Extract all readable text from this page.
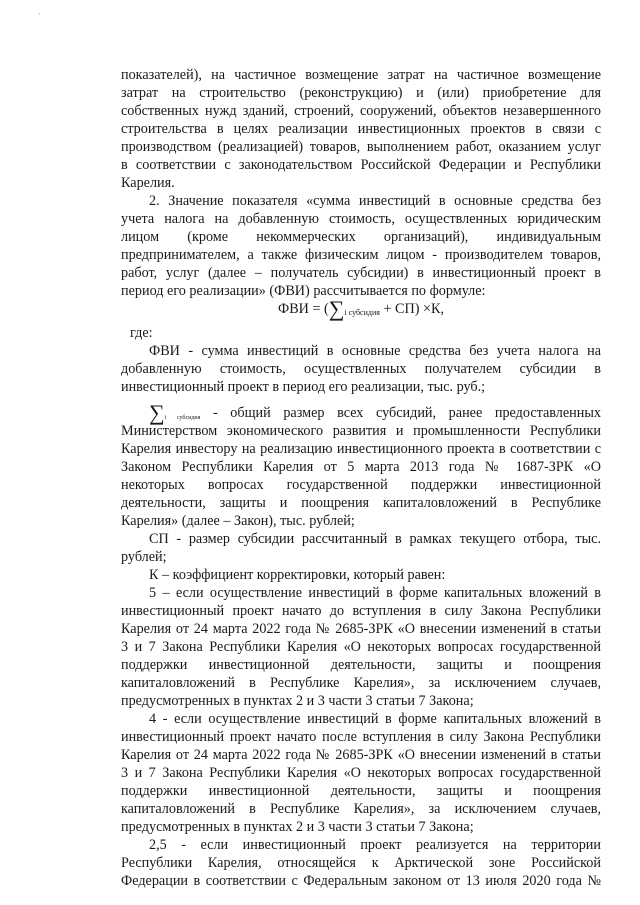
·
показателей), на частичное возмещение затрат на частичное возмещение
затрат на строительство (реконструкцию) и (или) приобретение для
собственных нужд зданий, строений, сооружений, объектов незавершенного
строительства в целях реализации инвестиционных проектов в связи с
производством (реализацией) товаров, выполнением работ, оказанием услуг
в соответствии с законодательством Российской Федерации и Республики
Карелия.
2. Значение показателя «сумма инвестиций в основные средства без
учета налога на добавленную стоимость, осуществленных юридическим
лицом (кроме некоммерческих организаций), индивидуальным
предпринимателем, а также физическим лицом - производителем товаров,
работ, услуг (далее – получатель субсидии) в инвестиционный проект в
период его реализации» (ФВИ) рассчитывается по формуле:
ФВИ = $(\sum_{i субсидия} + СП) \times К$,
где:
ФВИ - сумма инвестиций в основные средства без учета налога на
добавленную стоимость, осуществленных получателем субсидии в
инвестиционный проект в период его реализации, тыс. руб.;
∑i субсидия - общий размер всех субсидий, ранее предоставленных
Министерством экономического развития и промышленности Республики
Карелия инвестору на реализацию инвестиционного проекта в соответствии с
Законом Республики Карелия от 5 марта 2013 года № 1687-ЗРК «О
некоторых вопросах государственной поддержки инвестиционной
деятельности, защиты и поощрения капиталовложений в Республике
Карелия» (далее – Закон), тыс. рублей;
СП - размер субсидии рассчитанный в рамках текущего отбора, тыс.
рублей;
К – коэффициент корректировки, который равен:
5 – если осуществление инвестиций в форме капитальных вложений в
инвестиционный проект начато до вступления в силу Закона Республики
Карелия от 24 марта 2022 года № 2685-ЗРК «О внесении изменений в статьи
3 и 7 Закона Республики Карелия «О некоторых вопросах государственной
поддержки инвестиционной деятельности, защиты и поощрения
капиталовложений в Республике Карелия», за исключением случаев,
предусмотренных в пунктах 2 и 3 части 3 статьи 7 Закона;
4 - если осуществление инвестиций в форме капитальных вложений в
инвестиционный проект начато после вступления в силу Закона Республики
Карелия от 24 марта 2022 года № 2685-ЗРК «О внесении изменений в статьи
3 и 7 Закона Республики Карелия «О некоторых вопросах государственной
поддержки инвестиционной деятельности, защиты и поощрения
капиталовложений в Республике Карелия», за исключением случаев,
предусмотренных в пунктах 2 и 3 части 3 статьи 7 Закона;
2,5 - если инвестиционный проект реализуется на территории
Республики Карелия, относящейся к Арктической зоне Российской
Федерации в соответствии с Федеральным законом от 13 июля 2020 года №
